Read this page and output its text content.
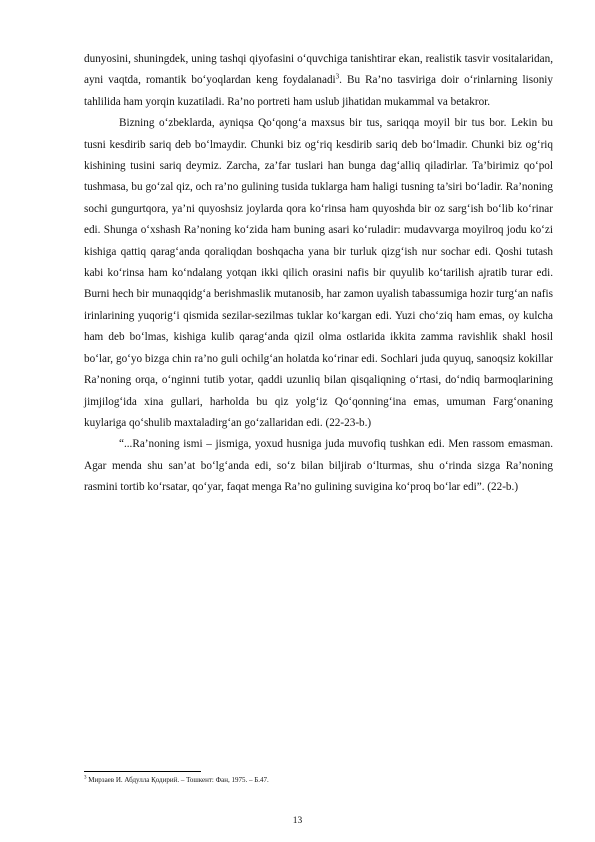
dunyosini, shuningdek, uning tashqi qiyofasini o‘quvchiga tanishtirar ekan, realistik tasvir vositalaridan, ayni vaqtda, romantik bo‘yoqlardan keng foydalanadi$^3$. Bu Ra’no tasviriga doir o‘rinlarning lisoniy tahlilida ham yorqin kuzatiladi. Ra’no portreti ham uslub jihatidan mukammal va betakror.

Bizning o‘zbeklarda, ayniqsa Qo‘qong‘a maxsus bir tus, sariqqa moyil bir tus bor. Lekin bu tusni kesdirib sariq deb bo‘lmaydir. Chunki biz og‘riq kesdirib sariq deb bo‘lmadir. Chunki biz og‘riq kishining tusini sariq deymiz. Zarcha, za’far tuslari han bunga dag‘alliq qiladirlar. Ta’birimiz qo‘pol tushmasa, bu go‘zal qiz, och ra’no gulining tusida tuklarga ham haligi tusning ta’siri bo‘ladir. Ra’noning sochi gungurtqora, ya’ni quyoshsiz joylarda qora ko‘rinsa ham quyoshda bir oz sarg‘ish bo‘lib ko‘rinar edi. Shunga o‘xshash Ra’noning ko‘zida ham buning asari ko‘ruladir: mudavvarga moyilroq jodu ko‘zi kishiga qattiq qarag‘anda qoraliqdan boshqacha yana bir turluk qizg‘ish nur sochar edi. Qoshi tutash kabi ko‘rinsa ham ko‘ndalang yotqan ikki qilich orasini nafis bir quyulib ko‘tarilish ajratib turar edi. Burni hech bir munaqqidg‘a berishmaslik mutanosib, har zamon uyalish tabassumiga hozir turg‘an nafis irinlarining yuqorig‘i qismida sezilar-sezilmas tuklar ko‘kargan edi. Yuzi cho‘ziq ham emas, oy kulcha ham deb bo‘lmas, kishiga kulib qarag‘anda qizil olma ostlarida ikkita zamma ravishlik shakl hosil bo‘lar, go‘yo bizga chin ra’no guli ochilg‘an holatda ko‘rinar edi. Sochlari juda quyuq, sanoqsiz kokillar Ra’noning orqa, o‘nginni tutib yotar, qaddi uzunliq bilan qisqaliqning o‘rtasi, do‘ndiq barmoqlarining jimjilog‘ida xina gullari, harholda bu qiz yolg‘iz Qo‘qonning‘ina emas, umuman Farg‘onaning kuylariga qo‘shulib maxtaladirg‘an go‘zallaridan edi. (22-23-b.)

“...Ra’noning ismi – jismiga, yoxud husniga juda muvofiq tushkan edi. Men rassom emasman. Agar menda shu san’at bo‘lg‘anda edi, so‘z bilan biljirab o‘lturmas, shu o‘rinda sizga Ra’noning rasmini tortib ko‘rsatar, qo‘yar, faqat menga Ra’no gulining suvigina ko‘proq bo‘lar edi”. (22-b.)

$^3$ Мирзаев И. Абдулла Қодирий. – Тошкент: Фан, 1975. – Б.47.

13
